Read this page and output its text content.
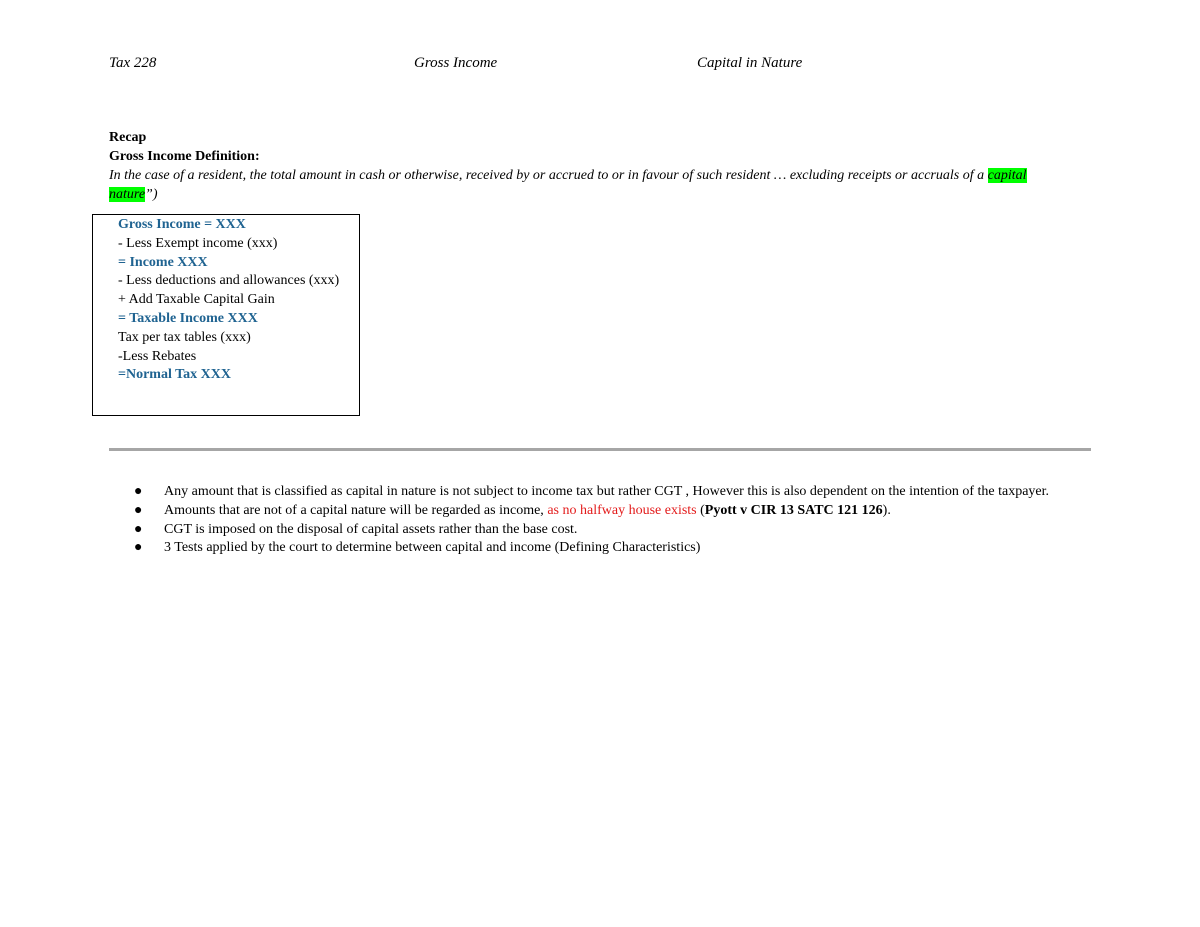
Tax 228	Gross Income	Capital in Nature
Recap
Gross Income Definition:
In the case of a resident, the total amount in cash or otherwise, received by or accrued to or in favour of such resident … excluding receipts or accruals of a capital nature”)
Gross Income = XXX
- Less Exempt income (xxx)
= Income XXX
- Less deductions and allowances (xxx)
+ Add Taxable Capital Gain
= Taxable Income XXX
Tax per tax tables (xxx)
-Less Rebates
=Normal Tax XXX
● Any amount that is classified as capital in nature is not subject to income tax but rather CGT , However this is also dependent on the intention of the taxpayer.
● Amounts that are not of a capital nature will be regarded as income, as no halfway house exists (Pyott v CIR 13 SATC 121 126).
● CGT is imposed on the disposal of capital assets rather than the base cost.
● 3 Tests applied by the court to determine between capital and income (Defining Characteristics)
